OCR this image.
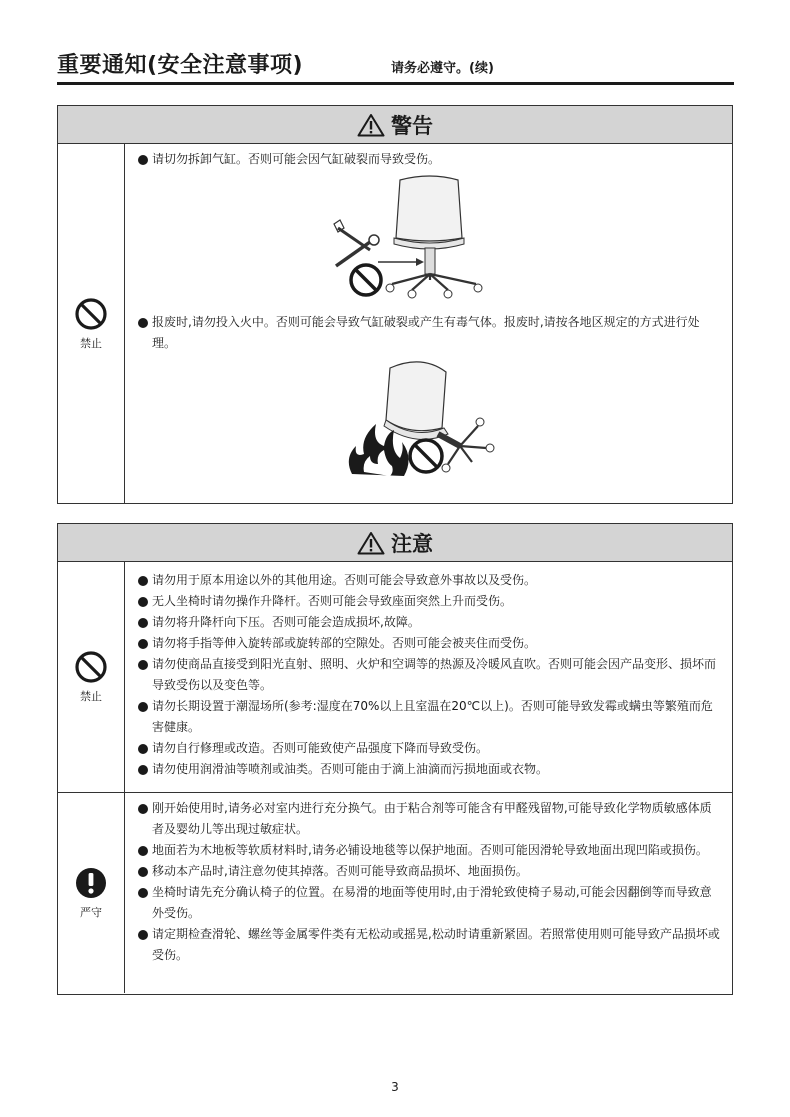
重要通知(安全注意事项)	请务必遵守。(续)
警告
禁止
请切勿拆卸气缸。否则可能会因气缸破裂而导致受伤。
报废时,请勿投入火中。否则可能会导致气缸破裂或产生有毒气体。报废时,请按各地区规定的方式进行处理。
注意
禁止
请勿用于原本用途以外的其他用途。否则可能会导致意外事故以及受伤。
无人坐椅时请勿操作升降杆。否则可能会导致座面突然上升而受伤。
请勿将升降杆向下压。否则可能会造成损坏,故障。
请勿将手指等伸入旋转部或旋转部的空隙处。否则可能会被夹住而受伤。
请勿使商品直接受到阳光直射、照明、火炉和空调等的热源及冷暖风直吹。否则可能会因产品变形、损坏而导致受伤以及变色等。
请勿长期设置于潮湿场所(参考:湿度在70%以上且室温在20℃以上)。否则可能导致发霉或螨虫等繁殖而危害健康。
请勿自行修理或改造。否则可能致使产品强度下降而导致受伤。
请勿使用润滑油等喷剂或油类。否则可能由于滴上油滴而污损地面或衣物。
严守
刚开始使用时,请务必对室内进行充分换气。由于粘合剂等可能含有甲醛残留物,可能导致化学物质敏感体质者及婴幼儿等出现过敏症状。
地面若为木地板等软质材料时,请务必铺设地毯等以保护地面。否则可能因滑轮导致地面出现凹陷或损伤。
移动本产品时,请注意勿使其掉落。否则可能导致商品损坏、地面损伤。
坐椅时请先充分确认椅子的位置。在易滑的地面等使用时,由于滑轮致使椅子易动,可能会因翻倒等而导致意外受伤。
请定期检查滑轮、螺丝等金属零件类有无松动或摇晃,松动时请重新紧固。若照常使用则可能导致产品损坏或受伤。
3
